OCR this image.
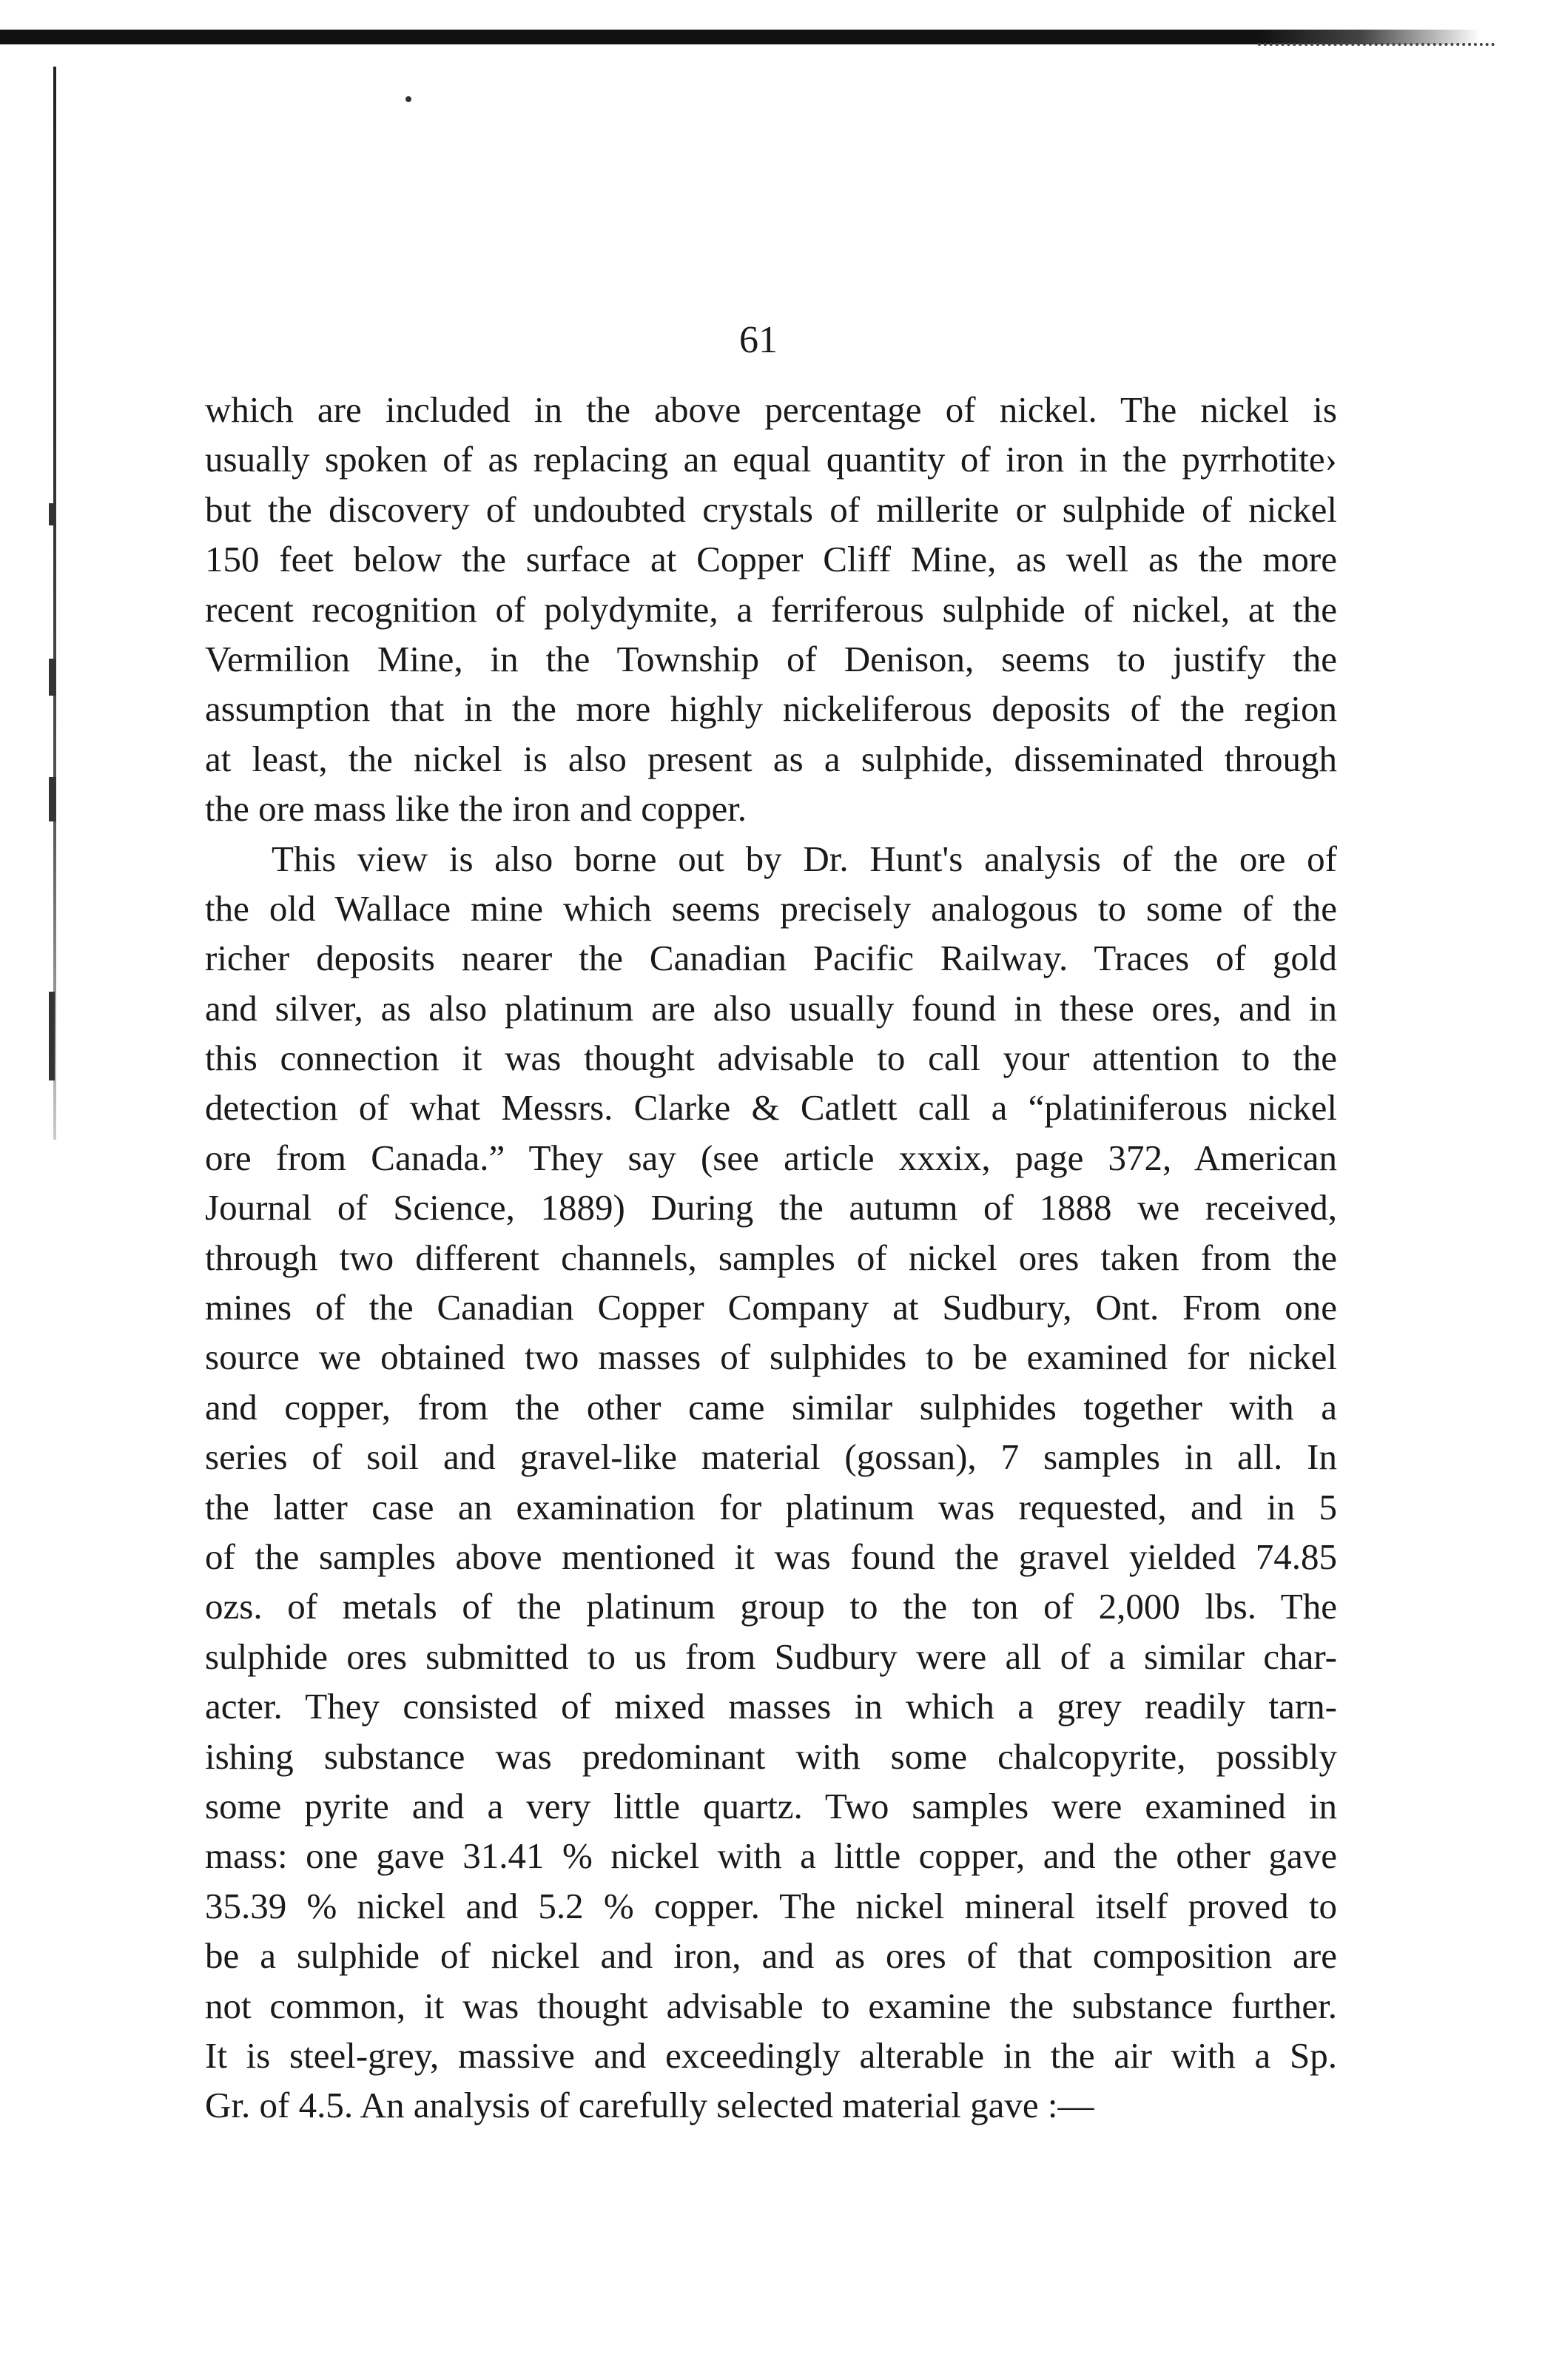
61
which are included in the above percentage of nickel. The nickel is
usually spoken of as replacing an equal quantity of iron in the pyrrhotite›
but the discovery of undoubted crystals of millerite or sulphide of nickel
150 feet below the surface at Copper Cliff Mine, as well as the more
recent recognition of polydymite, a ferriferous sulphide of nickel, at the
Vermilion Mine, in the Township of Denison, seems to justify the
assumption that in the more highly nickeliferous deposits of the region
at least, the nickel is also present as a sulphide, disseminated through
the ore mass like the iron and copper.
This view is also borne out by Dr. Hunt's analysis of the ore of
the old Wallace mine which seems precisely analogous to some of the
richer deposits nearer the Canadian Pacific Railway. Traces of gold
and silver, as also platinum are also usually found in these ores, and in
this connection it was thought advisable to call your attention to the
detection of what Messrs. Clarke & Catlett call a “platiniferous nickel
ore from Canada.” They say (see article xxxix, page 372, American
Journal of Science, 1889) During the autumn of 1888 we received,
through two different channels, samples of nickel ores taken from the
mines of the Canadian Copper Company at Sudbury, Ont. From one
source we obtained two masses of sulphides to be examined for nickel
and copper, from the other came similar sulphides together with a
series of soil and gravel-like material (gossan), 7 samples in all. In
the latter case an examination for platinum was requested, and in 5
of the samples above mentioned it was found the gravel yielded 74.85
ozs. of metals of the platinum group to the ton of 2,000 lbs. The
sulphide ores submitted to us from Sudbury were all of a similar char-
acter. They consisted of mixed masses in which a grey readily tarn-
ishing substance was predominant with some chalcopyrite, possibly
some pyrite and a very little quartz. Two samples were examined in
mass: one gave 31.41 % nickel with a little copper, and the other gave
35.39 % nickel and 5.2 % copper. The nickel mineral itself proved to
be a sulphide of nickel and iron, and as ores of that composition are
not common, it was thought advisable to examine the substance further.
It is steel-grey, massive and exceedingly alterable in the air with a Sp.
Gr. of 4.5. An analysis of carefully selected material gave :—
